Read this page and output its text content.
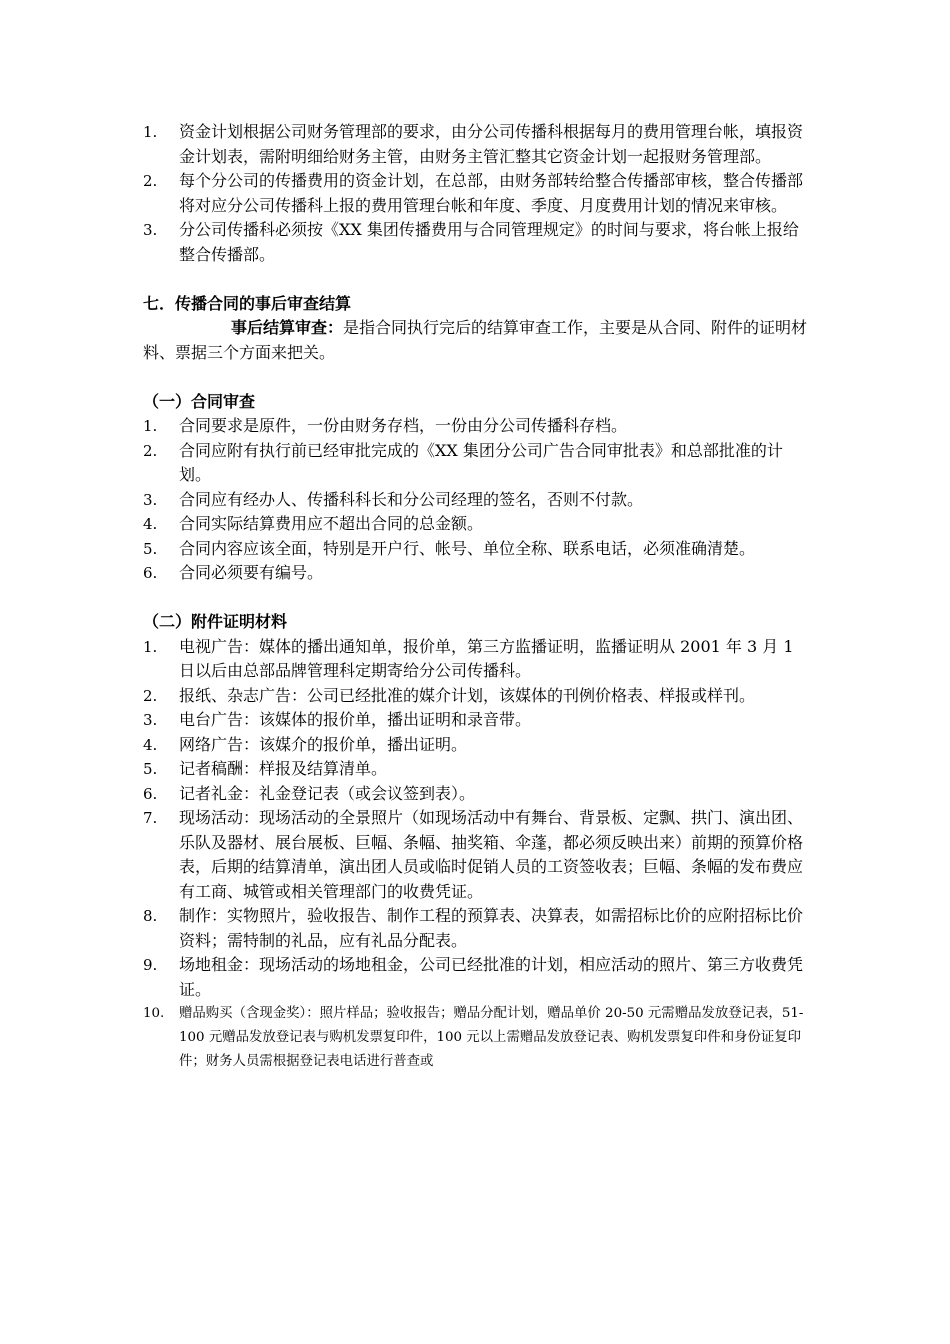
1.	资金计划根据公司财务管理部的要求，由分公司传播科根据每月的费用管理台帐，填报资金计划表，需附明细给财务主管，由财务主管汇整其它资金计划一起报财务管理部。
2.	每个分公司的传播费用的资金计划，在总部，由财务部转给整合传播部审核，整合传播部将对应分公司传播科上报的费用管理台帐和年度、季度、月度费用计划的情况来审核。
3.	分公司传播科必须按《XX 集团传播费用与合同管理规定》的时间与要求，将台帐上报给整合传播部。
七．传播合同的事后审查结算
事后结算审查：是指合同执行完后的结算审查工作，主要是从合同、附件的证明材料、票据三个方面来把关。
（一）合同审查
1.	合同要求是原件，一份由财务存档，一份由分公司传播科存档。
2.	合同应附有执行前已经审批完成的《XX 集团分公司广告合同审批表》和总部批准的计划。
3.	合同应有经办人、传播科科长和分公司经理的签名，否则不付款。
4.	合同实际结算费用应不超出合同的总金额。
5.	合同内容应该全面，特别是开户行、帐号、单位全称、联系电话，必须准确清楚。
6.	合同必须要有编号。
（二）附件证明材料
1.	电视广告：媒体的播出通知单，报价单，第三方监播证明，监播证明从 2001 年 3 月 1 日以后由总部品牌管理科定期寄给分公司传播科。
2.	报纸、杂志广告：公司已经批准的媒介计划，该媒体的刊例价格表、样报或样刊。
3.	电台广告：该媒体的报价单，播出证明和录音带。
4.	网络广告：该媒介的报价单，播出证明。
5.	记者稿酬：样报及结算清单。
6.	记者礼金：礼金登记表（或会议签到表）。
7.	现场活动：现场活动的全景照片（如现场活动中有舞台、背景板、定飘、拱门、演出团、乐队及器材、展台展板、巨幅、条幅、抽奖箱、伞蓬，都必须反映出来）前期的预算价格表，后期的结算清单，演出团人员或临时促销人员的工资签收表；巨幅、条幅的发布费应有工商、城管或相关管理部门的收费凭证。
8.	制作：实物照片，验收报告、制作工程的预算表、决算表，如需招标比价的应附招标比价资料；需特制的礼品，应有礼品分配表。
9.	场地租金：现场活动的场地租金，公司已经批准的计划，相应活动的照片、第三方收费凭证。
10.	赠品购买（含现金奖）：照片样品；验收报告；赠品分配计划，赠品单价 20-50 元需赠品发放登记表，51-100 元赠品发放登记表与购机发票复印件，100 元以上需赠品发放登记表、购机发票复印件和身份证复印件；财务人员需根据登记表电话进行普查或
